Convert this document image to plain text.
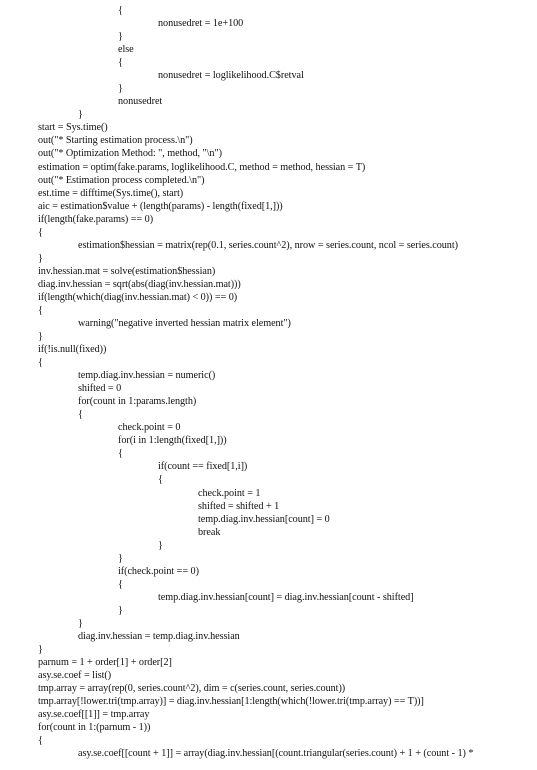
{
nonusedret = 1e+100
}
else
{
nonusedret = loglikelihood.C$retval
}
nonusedret
}
start = Sys.time()
out("* Starting estimation process.\n")
out("* Optimization Method: ", method, "\n")
estimation = optim(fake.params, loglikelihood.C, method = method, hessian = T)
out("* Estimation process completed.\n")
est.time = difftime(Sys.time(), start)
aic = estimation$value + (length(params) - length(fixed[1,]))
if(length(fake.params) == 0)
{
estimation$hessian = matrix(rep(0.1, series.count^2), nrow = series.count, ncol = series.count)
}
inv.hessian.mat = solve(estimation$hessian)
diag.inv.hessian = sqrt(abs(diag(inv.hessian.mat)))
if(length(which(diag(inv.hessian.mat) < 0)) == 0)
{
warning("negative inverted hessian matrix element")
}
if(!is.null(fixed))
{
temp.diag.inv.hessian = numeric()
shifted = 0
for(count in 1:params.length)
{
check.point = 0
for(i in 1:length(fixed[1,]))
{
if(count == fixed[1,i])
{
check.point = 1
shifted = shifted + 1
temp.diag.inv.hessian[count] = 0
break
}
}
if(check.point == 0)
{
temp.diag.inv.hessian[count] = diag.inv.hessian[count - shifted]
}
}
diag.inv.hessian = temp.diag.inv.hessian
}
parnum = 1 + order[1] + order[2]
asy.se.coef = list()
tmp.array = array(rep(0, series.count^2), dim = c(series.count, series.count))
tmp.array[!lower.tri(tmp.array)] = diag.inv.hessian[1:length(which(!lower.tri(tmp.array) == T))]
asy.se.coef[[1]] = tmp.array
for(count in 1:(parnum - 1))
{
asy.se.coef[[count + 1]] = array(diag.inv.hessian[(count.triangular(series.count) + 1 + (count - 1) *
